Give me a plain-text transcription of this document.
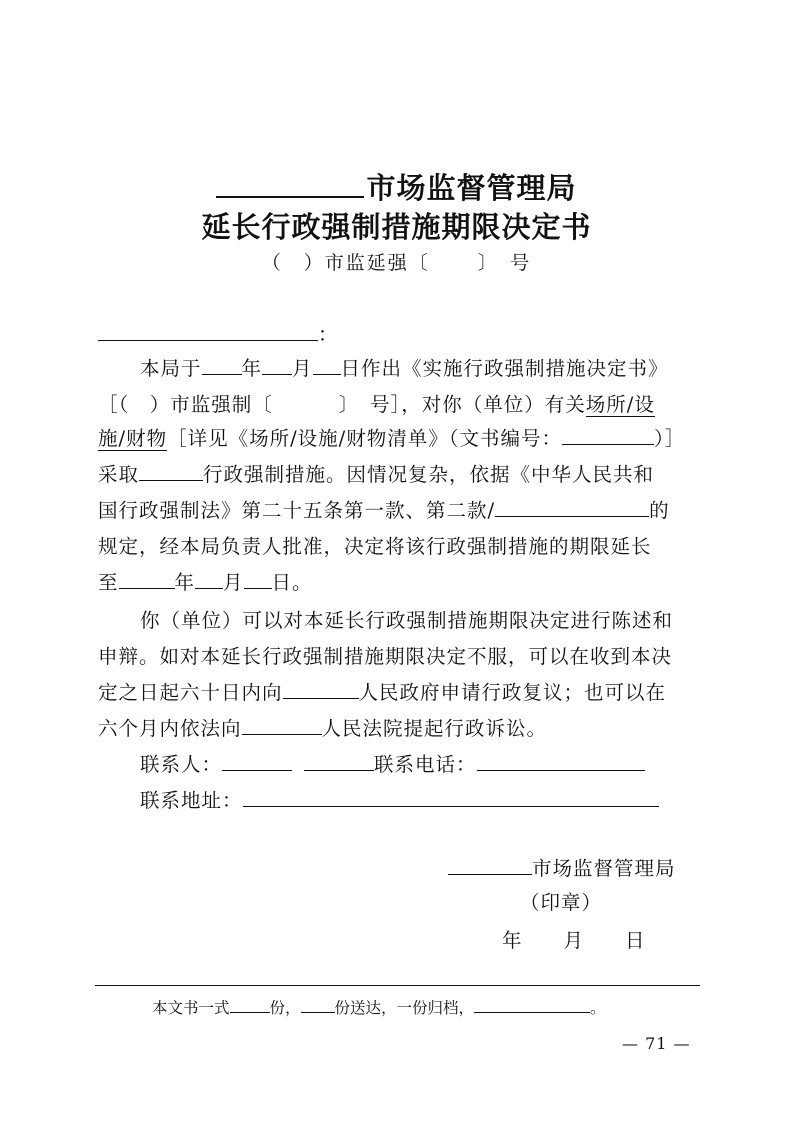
市场监督管理局
延长行政强制措施期限决定书
（　）市监延强〔	〕　号
：
本局于 年 月 日作出《实施行政强制措施决定书》
［（　）市监强制〔	〕　号］，对你（单位）有关场所/设
施/财物［详见《场所/设施/财物清单》（文书编号：	）］
采取	行政强制措施。因情况复杂，依据《中华人民共和
国行政强制法》第二十五条第一款、第二款/	的
规定，经本局负责人批准，决定将该行政强制措施的期限延长
至	年 月 日。
你（单位）可以对本延长行政强制措施期限决定进行陈述和
申辩。如对本延长行政强制措施期限决定不服，可以在收到本决
定之日起六十日内向	人民政府申请行政复议；也可以在
六个月内依法向	人民法院提起行政诉讼。
联系人：	联系电话：
联系地址：
市场监督管理局
（印章）
年　　月　　日
本文书一式	份， 份送达，一份归档，	。
— 71 —
